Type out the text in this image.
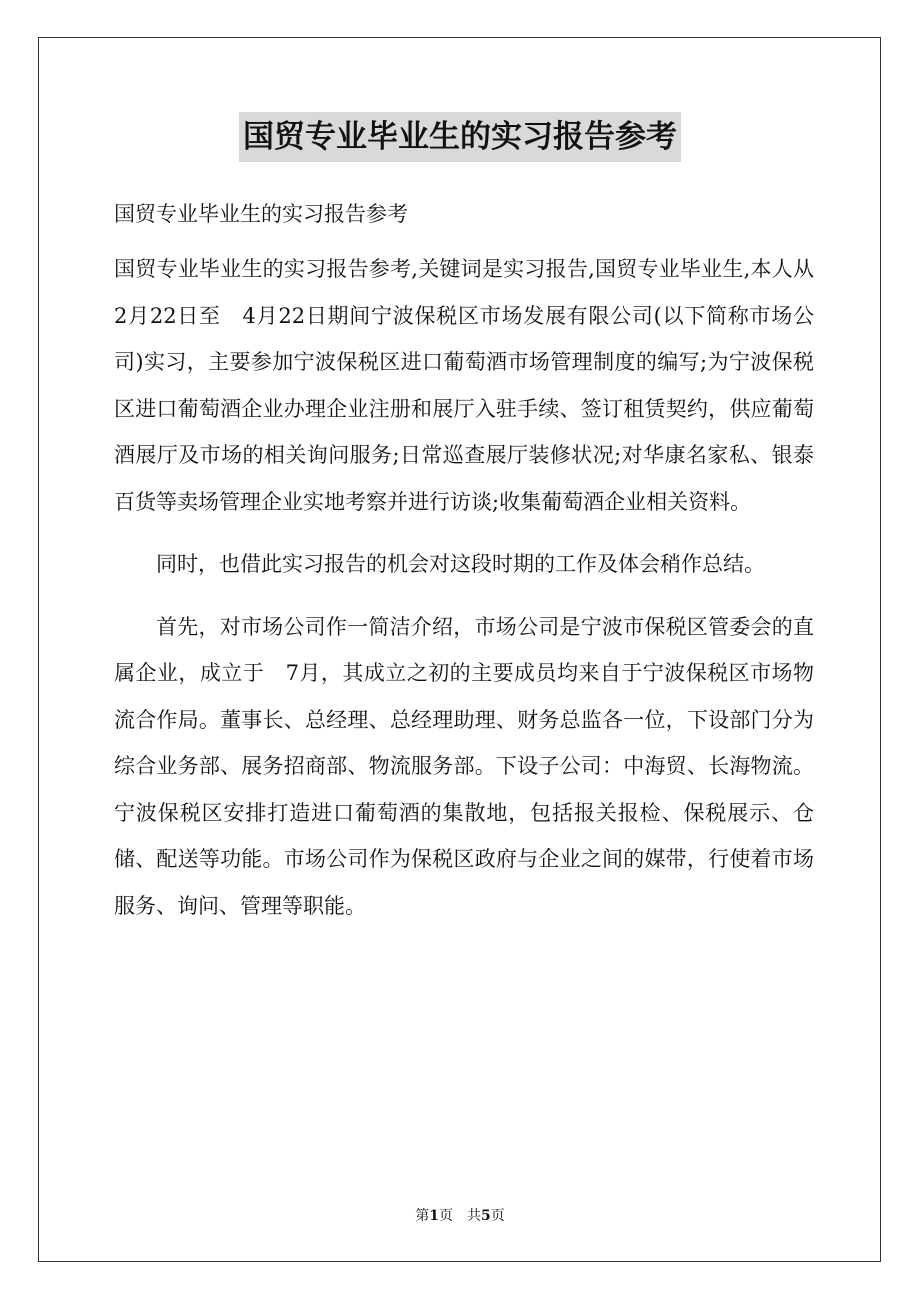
国贸专业毕业生的实习报告参考

国贸专业毕业生的实习报告参考

国贸专业毕业生的实习报告参考,关键词是实习报告,国贸专业毕业生,本人从　2月22日至　4月22日期间宁波保税区市场发展有限公司(以下简称市场公司)实习，主要参加宁波保税区进口葡萄酒市场管理制度的编写;为宁波保税区进口葡萄酒企业办理企业注册和展厅入驻手续、签订租赁契约，供应葡萄酒展厅及市场的相关询问服务;日常巡查展厅装修状况;对华康名家私、银泰百货等卖场管理企业实地考察并进行访谈;收集葡萄酒企业相关资料。

同时，也借此实习报告的机会对这段时期的工作及体会稍作总结。

首先，对市场公司作一简洁介绍，市场公司是宁波市保税区管委会的直属企业，成立于　7月，其成立之初的主要成员均来自于宁波保税区市场物流合作局。董事长、总经理、总经理助理、财务总监各一位，下设部门分为综合业务部、展务招商部、物流服务部。下设子公司：中海贸、长海物流。宁波保税区安排打造进口葡萄酒的集散地，包括报关报检、保税展示、仓储、配送等功能。市场公司作为保税区政府与企业之间的媒带，行使着市场服务、询问、管理等职能。

第1页 共5页
